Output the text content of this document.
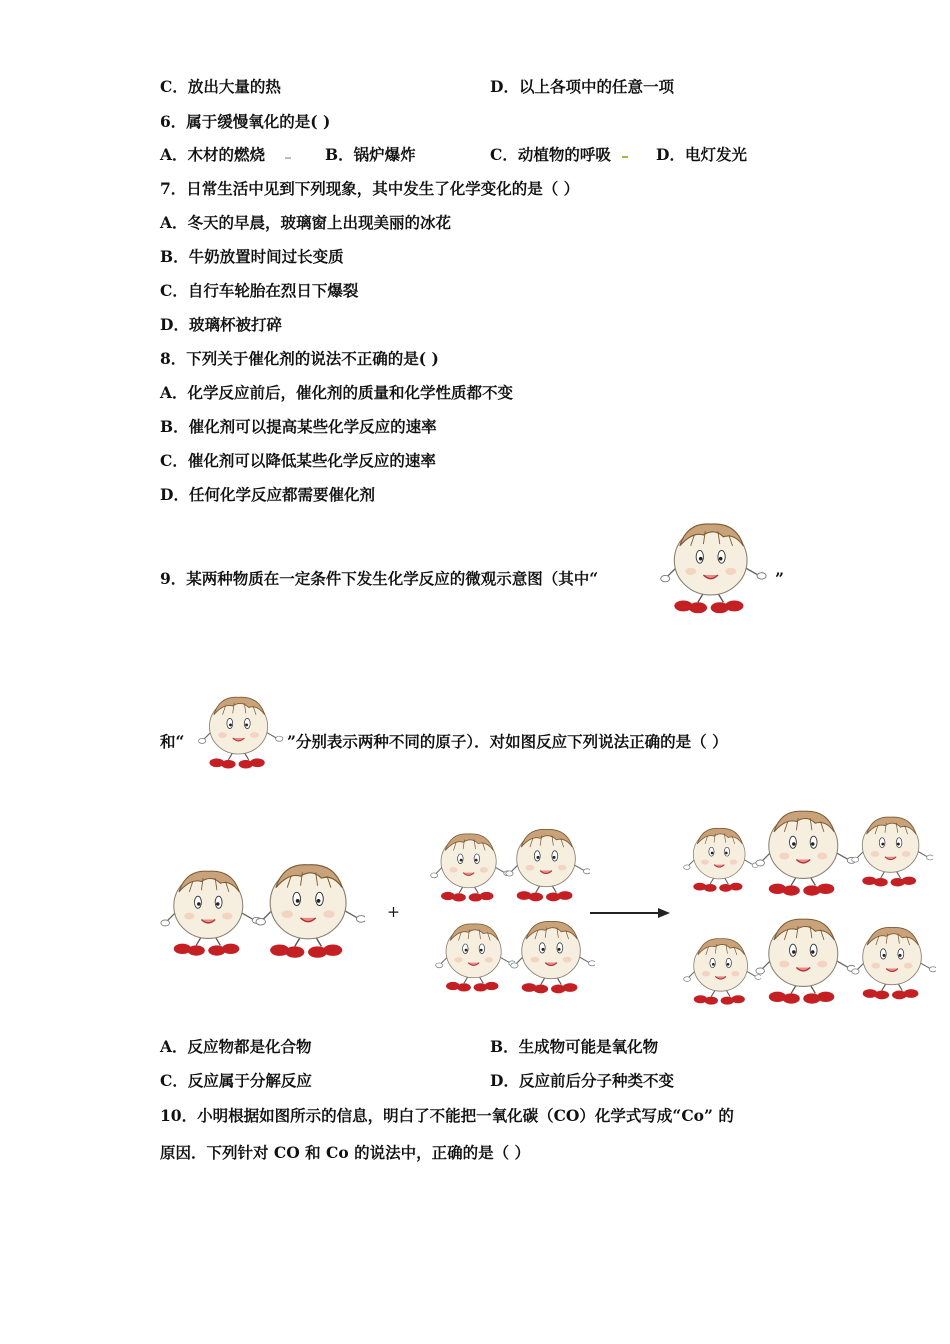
C．放出大量的热	D．以上各项中的任意一项
6．属于缓慢氧化的是( )
A．木材的燃烧	B．锅炉爆炸	C．动植物的呼吸	D．电灯发光
7．日常生活中见到下列现象，其中发生了化学变化的是（ ）
A．冬天的早晨，玻璃窗上出现美丽的冰花
B．牛奶放置时间过长变质
C．自行车轮胎在烈日下爆裂
D．玻璃杯被打碎
8．下列关于催化剂的说法不正确的是( )
A．化学反应前后，催化剂的质量和化学性质都不变
B．催化剂可以提高某些化学反应的速率
C．催化剂可以降低某些化学反应的速率
D．任何化学反应都需要催化剂
9．某两种物质在一定条件下发生化学反应的微观示意图（其中“	”
和“	”分别表示两种不同的原子）．对如图反应下列说法正确的是（ ）
+
A．反应物都是化合物	B．生成物可能是氧化物
C．反应属于分解反应	D．反应前后分子种类不变
10．小明根据如图所示的信息，明白了不能把一氧化碳（CO）化学式写成“Co” 的
原因．下列针对 CO 和 Co 的说法中，正确的是（ ）
